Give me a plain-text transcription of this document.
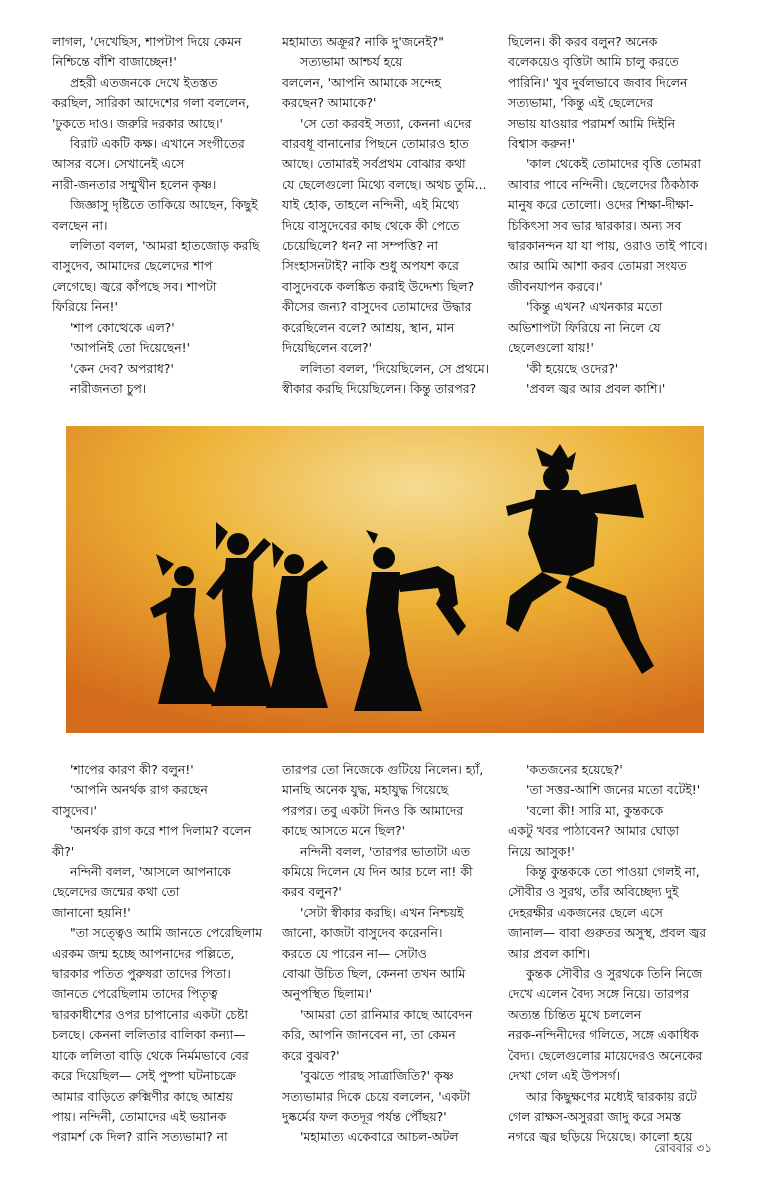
লাগল, 'দেখেছিস, শাপটাপ দিয়ে কেমন

নিশ্চিন্তে বাঁশি বাজাচ্ছেন!'

প্রহরী এতজনকে দেখে ইতস্তত

করছিল, সারিকা আদেশের গলা বললেন,

'ঢুকতে দাও। জরুরি দরকার আছে।'

বিরাট একটি কক্ষ। এখানে সংগীতের

আসর বসে। সেখানেই এসে

নারী-জনতার সম্মুখীন হলেন কৃষ্ণ।

জিজ্ঞাসু দৃষ্টিতে তাকিয়ে আছেন, কিছুই

বলছেন না।

ললিতা বলল, 'আমরা হাতজোড় করছি

বাসুদেব, আমাদের ছেলেদের শাপ

লেগেছে। জ্বরে কাঁপছে সব। শাপটা

ফিরিয়ে নিন!'

'শাপ কোত্থেকে এল?'

'আপনিই তো দিয়েছেন!'

'কেন দেব? অপরাধ?'

নারীজনতা চুপ।

মহামাত্য অক্রূর? নাকি দু'জনেই?"

সত্যভামা আশ্চর্য হয়ে

বললেন, 'আপনি আমাকে সন্দেহ

করছেন? আমাকে?'

'সে তো করবই সত্যা, কেননা এদের

বারবধূ বানানোর পিছনে তোমারও হাত

আছে। তোমারই সর্বপ্রথম বোঝার কথা

যে ছেলেগুলো মিথ্যে বলছে। অথচ তুমি...

যাই হোক, তাহলে নন্দিনী, এই মিথ্যে

দিয়ে বাসুদেবের কাছ থেকে কী পেতে

চেয়েছিলে? ধন? না সম্পত্তি? না

সিংহাসনটাই? নাকি শুধু অপযশ করে

বাসুদেবকে কলঙ্কিত করাই উদ্দেশ্য ছিল?

কীসের জন্য? বাসুদেব তোমাদের উদ্ধার

করেছিলেন বলে? আশ্রয়, স্থান, মান

দিয়েছিলেন বলে?'

ললিতা বলল, 'দিয়েছিলেন, সে প্রথমে।

স্বীকার করছি দিয়েছিলেন। কিন্তু তারপর?

ছিলেন। কী করব বলুন? অনেক

বলেকয়েও বৃত্তিটা আমি চালু করতে

পারিনি।' খুব দুর্বলভাবে জবাব দিলেন

সত্যভামা, 'কিন্তু এই ছেলেদের

সভায় যাওয়ার পরামর্শ আমি দিইনি

বিশ্বাস করুন!'

'কাল থেকেই তোমাদের বৃত্তি তোমরা

আবার পাবে নন্দিনী। ছেলেদের ঠিকঠাক

মানুষ করে তোলো। ওদের শিক্ষা-দীক্ষা-

চিকিৎসা সব ভার দ্বারকার। অন্য সব

দ্বারকানন্দন যা যা পায়, ওরাও তাই পাবে।

আর আমি আশা করব তোমরা সংযত

জীবনযাপন করবে।'

'কিন্তু এখন? এখনকার মতো

অভিশাপটা ফিরিয়ে না নিলে যে

ছেলেগুলো যায়!'

'কী হয়েছে ওদের?'

'প্রবল জ্বর আর প্রবল কাশি।'

'শাপের কারণ কী? বলুন!'

'আপনি অনর্থক রাগ করছেন

বাসুদেব।'

'অনর্থক রাগ করে শাপ দিলাম? বলেন

কী?'

নন্দিনী বলল, 'আসলে আপনাকে

ছেলেদের জন্মের কথা তো

জানানো হয়নি!'

"তা সত্ত্বেও আমি জানতে পেরেছিলাম

এরকম জন্ম হচ্ছে আপনাদের পল্লিতে,

দ্বারকার পতিত পুরুষরা তাদের পিতা।

জানতে পেরেছিলাম তাদের পিতৃত্ব

দ্বারকাধীশের ওপর চাপানোর একটা চেষ্টা

চলছে। কেননা ললিতার বালিকা কন্যা—

যাকে ললিতা বাড়ি থেকে নির্মমভাবে বের

করে দিয়েছিল— সেই পুষ্পা ঘটনাচক্রে

আমার বাড়িতে রুক্মিণীর কাছে আশ্রয়

পায়। নন্দিনী, তোমাদের এই ভয়ানক

পরামর্শ কে দিল? রানি সত্যভামা? না

তারপর তো নিজেকে গুটিয়ে নিলেন। হ্যাঁ,

মানছি অনেক যুদ্ধ, মহাযুদ্ধ গিয়েছে

পরপর। তবু একটা দিনও কি আমাদের

কাছে আসতে মনে ছিল?'

নন্দিনী বলল, 'তারপর ভাতাটা এত

কমিয়ে দিলেন যে দিন আর চলে না! কী

করব বলুন?'

'সেটা স্বীকার করছি। এখন নিশ্চয়ই

জানো, কাজটা বাসুদেব করেননি।

করতে যে পারেন না— সেটাও

বোঝা উচিত ছিল, কেননা তখন আমি

অনুপস্থিত ছিলাম।'

'আমরা তো রানিমার কাছে আবেদন

করি, আপনি জানবেন না, তা কেমন

করে বুঝব?'

'বুঝতে পারছ সাত্রাজিতি?' কৃষ্ণ

সত্যভামার দিকে চেয়ে বললেন, 'একটা

দুষ্কর্মের ফল কতদূর পর্যন্ত পৌঁছয়?'

'মহামাত্য একেবারে আচল-অটল

'কতজনের হয়েছে?'

'তা সত্তর-আশি জনের মতো বটেই!'

'বলো কী! সারি মা, কুন্তককে

একটু খবর পাঠাবেন? আমার ঘোড়া

নিয়ে আসুক!'

কিন্তু কুন্তককে তো পাওয়া গেলই না,

সৌবীর ও সুরথ, তাঁর অবিচ্ছেদ্য দুই

দেহরক্ষীর একজনের ছেলে এসে

জানাল— বাবা গুরুতর অসুস্থ, প্রবল জ্বর

আর প্রবল কাশি।

কুন্তক সৌবীর ও সুরথকে তিনি নিজে

দেখে এলেন বৈদ্য সঙ্গে নিয়ে। তারপর

অত্যন্ত চিন্তিত মুখে চললেন

নরক-নন্দিনীদের গলিতে, সঙ্গে একাধিক

বৈদ্য। ছেলেগুলোর মায়েদেরও অনেকের

দেখা গেল এই উপসর্গ।

আর কিছুক্ষণের মধ্যেই দ্বারকায় রটে

গেল রাক্ষস-অসুররা জাদু করে সমস্ত

নগরে জ্বর ছড়িয়ে দিয়েছে। কালো হয়ে

রোববার ৩১
